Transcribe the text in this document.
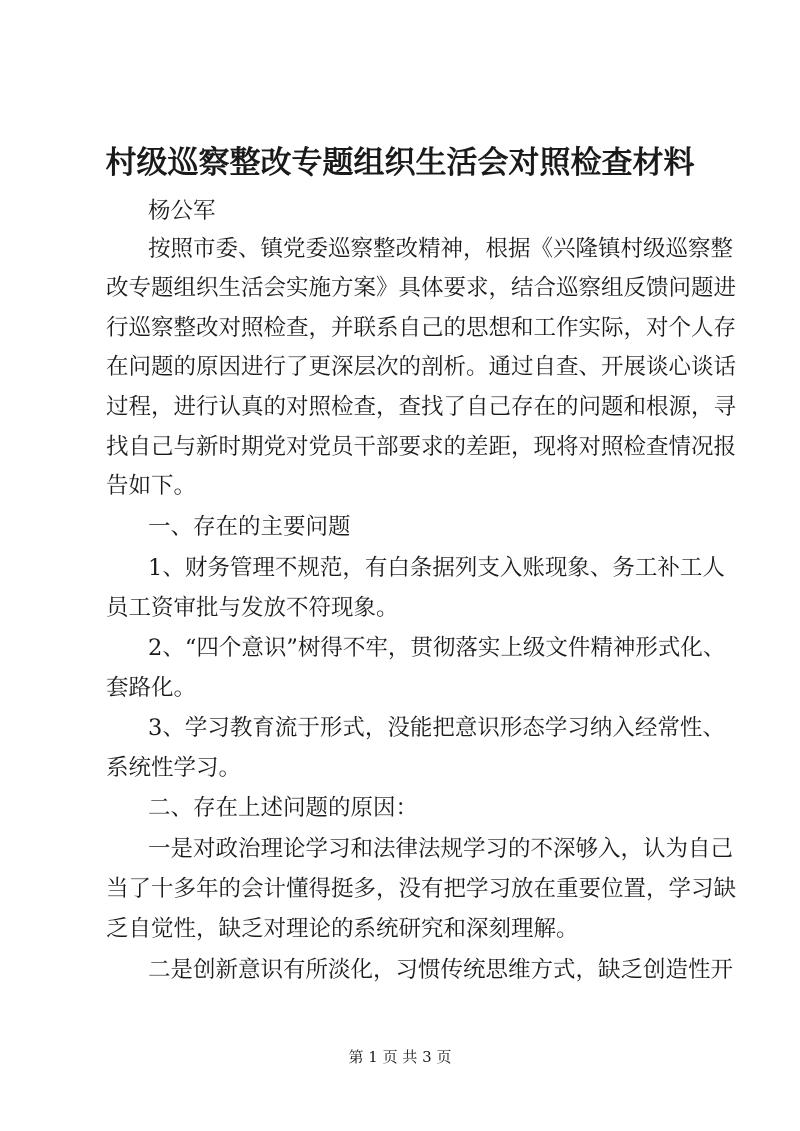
村级巡察整改专题组织生活会对照检查材料
杨公军
按照市委、镇党委巡察整改精神，根据《兴隆镇村级巡察整
改专题组织生活会实施方案》具体要求，结合巡察组反馈问题进
行巡察整改对照检查，并联系自己的思想和工作实际，对个人存
在问题的原因进行了更深层次的剖析。通过自查、开展谈心谈话
过程，进行认真的对照检查，查找了自己存在的问题和根源，寻
找自己与新时期党对党员干部要求的差距，现将对照检查情况报
告如下。
一、存在的主要问题
1、财务管理不规范，有白条据列支入账现象、务工补工人
员工资审批与发放不符现象。
2、“四个意识”树得不牢，贯彻落实上级文件精神形式化、
套路化。
3、学习教育流于形式，没能把意识形态学习纳入经常性、
系统性学习。
二、存在上述问题的原因：
一是对政治理论学习和法律法规学习的不深够入，认为自己
当了十多年的会计懂得挺多，没有把学习放在重要位置，学习缺
乏自觉性，缺乏对理论的系统研究和深刻理解。
二是创新意识有所淡化，习惯传统思维方式，缺乏创造性开
第 1 页 共 3 页
